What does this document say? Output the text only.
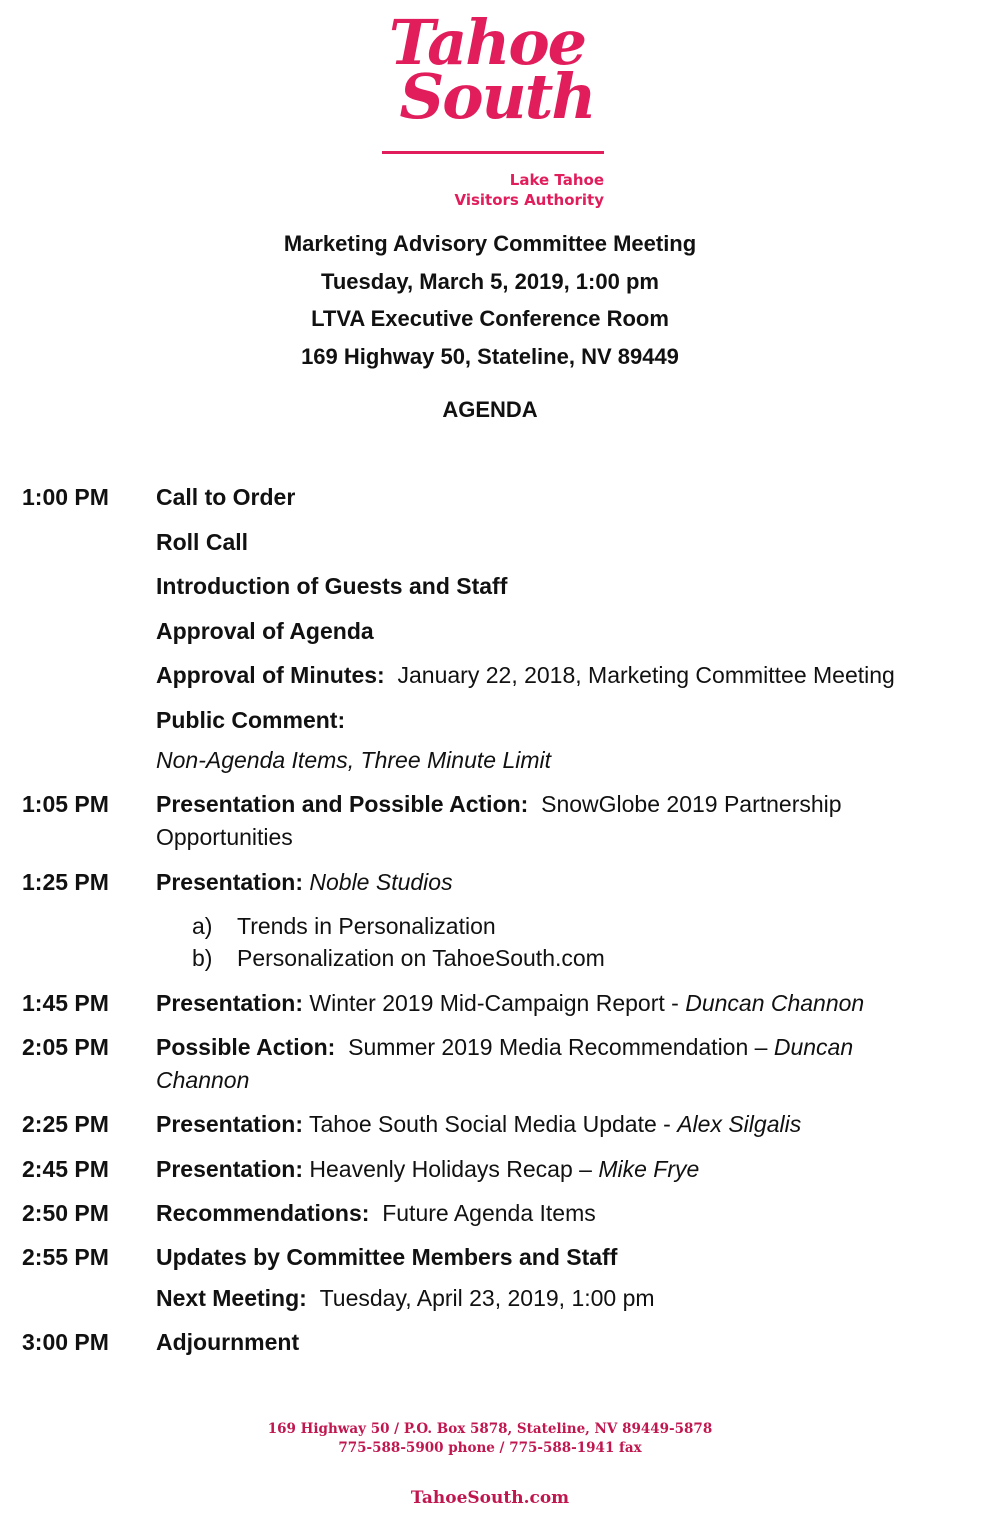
Tahoe
South
Lake Tahoe
Visitors Authority
Marketing Advisory Committee Meeting
Tuesday, March 5, 2019, 1:00 pm
LTVA Executive Conference Room
169 Highway 50, Stateline, NV 89449
AGENDA
1:00 PM Call to Order
Roll Call
Introduction of Guests and Staff
Approval of Agenda
Approval of Minutes: January 22, 2018, Marketing Committee Meeting
Public Comment:
Non-Agenda Items, Three Minute Limit
1:05 PM Presentation and Possible Action: SnowGlobe 2019 Partnership Opportunities
1:25 PM Presentation: Noble Studios
a) Trends in Personalization
b) Personalization on TahoeSouth.com
1:45 PM Presentation: Winter 2019 Mid-Campaign Report - Duncan Channon
2:05 PM Possible Action: Summer 2019 Media Recommendation – Duncan Channon
2:25 PM Presentation: Tahoe South Social Media Update - Alex Silgalis
2:45 PM Presentation: Heavenly Holidays Recap – Mike Frye
2:50 PM Recommendations: Future Agenda Items
2:55 PM Updates by Committee Members and Staff
Next Meeting: Tuesday, April 23, 2019, 1:00 pm
3:00 PM Adjournment
169 Highway 50 / P.O. Box 5878, Stateline, NV 89449-5878
775-588-5900 phone / 775-588-1941 fax
TahoeSouth.com
